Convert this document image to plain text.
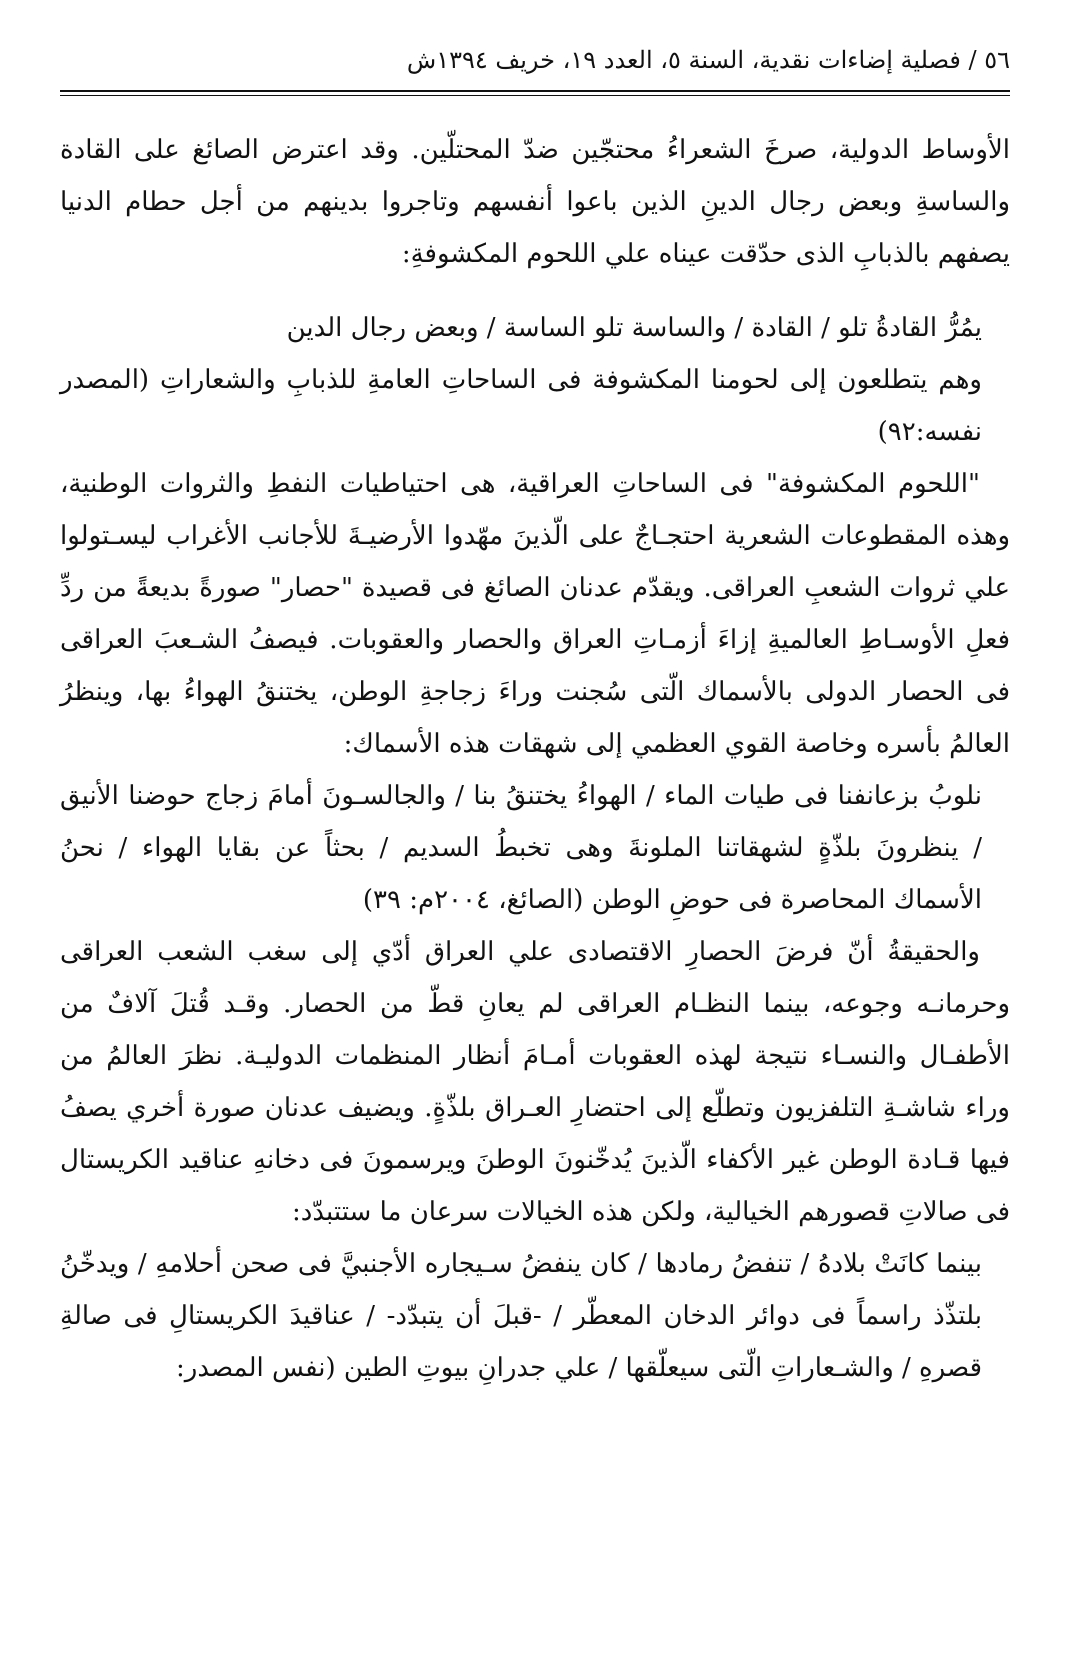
٥٦ / فصلية إضاءات نقدية، السنة ٥، العدد ١٩، خريف ١٣٩٤ش

الأوساط الدولية، صرخَ الشعراءُ محتجّين ضدّ المحتلّين. وقد اعترض الصائغ على القادة والساسةِ وبعض رجال الدينِ الذين باعوا أنفسهم وتاجروا بدينهم من أجل حطام الدنيا يصفهم بالذبابِ الذى حدّقت عيناه علي اللحوم المكشوفةِ:

يمُرُّ القادةُ تلو / القادة / والساسة تلو الساسة / وبعض رجال الدين
وهم يتطلعون إلى لحومنا المكشوفة فى الساحاتِ العامةِ للذبابِ والشعاراتِ (المصدر نفسه:٩٢)

"اللحوم المكشوفة" فى الساحاتِ العراقية، هى احتياطيات النفطِ والثروات الوطنية، وهذه المقطوعات الشعرية احتجـاجٌ على الّذينَ مهّدوا الأرضيـةَ للأجانب الأغراب ليسـتولوا علي ثروات الشعبِ العراقى. ويقدّم عدنان الصائغ فى قصيدة "حصار" صورةً بديعةً من ردِّ فعلِ الأوسـاطِ العالميةِ إزاءَ أزمـاتِ العراق والحصار والعقوبات. فيصفُ الشـعبَ العراقى فى الحصار الدولى بالأسماك الّتى سُجنت وراءَ زجاجةِ الوطن، يختنقُ الهواءُ بها، وينظرُ العالمُ بأسره وخاصة القوي العظمي إلى شهقات هذه الأسماك:

نلوبُ بزعانفنا فى طيات الماء / الهواءُ يختنقُ بنا / والجالسـونَ أمامَ زجاج حوضنا الأنيق / ينظرونَ بلذّةٍ لشهقاتنا الملونةَ وهى تخبطُ السديم / بحثاً عن بقايا الهواء / نحنُ الأسماك المحاصرة فى حوضِ الوطن (الصائغ، ٢٠٠٤م: ٣٩)

والحقيقةُ أنّ فرضَ الحصارِ الاقتصادى علي العراق أدّي إلى سغب الشعب العراقى وحرمانـه وجوعه، بينما النظـام العراقى لم يعانِ قطّ من الحصار. وقـد قُتلَ آلافٌ من الأطفـال والنسـاء نتيجة لهذه العقوبات أمـامَ أنظار المنظمات الدوليـة. نظرَ العالمُ من وراء شاشـةِ التلفزيون وتطلّع إلى احتضارِ العـراق بلذّةٍ. ويضيف عدنان صورة أخري يصفُ فيها قـادة الوطن غير الأكفاء الّذينَ يُدخّنونَ الوطنَ ويرسمونَ فى دخانهِ عناقيد الكريستال فى صالاتِ قصورهم الخيالية، ولكن هذه الخيالات سرعان ما ستتبدّد:

بينما كانَتْ بلادهُ / تنفضُ رمادها / كان ينفضُ سـيجاره الأجنبيَّ فى صحن أحلامهِ / ويدخّنُ بلتذّذ راسماً فى دوائر الدخان المعطّر / -قبلَ أن يتبدّد- / عناقيدَ الكريستالِ فى صالةِ قصرهِ / والشـعاراتِ الّتى سيعلّقها / علي جدرانِ بيوتِ الطين (نفس المصدر:
